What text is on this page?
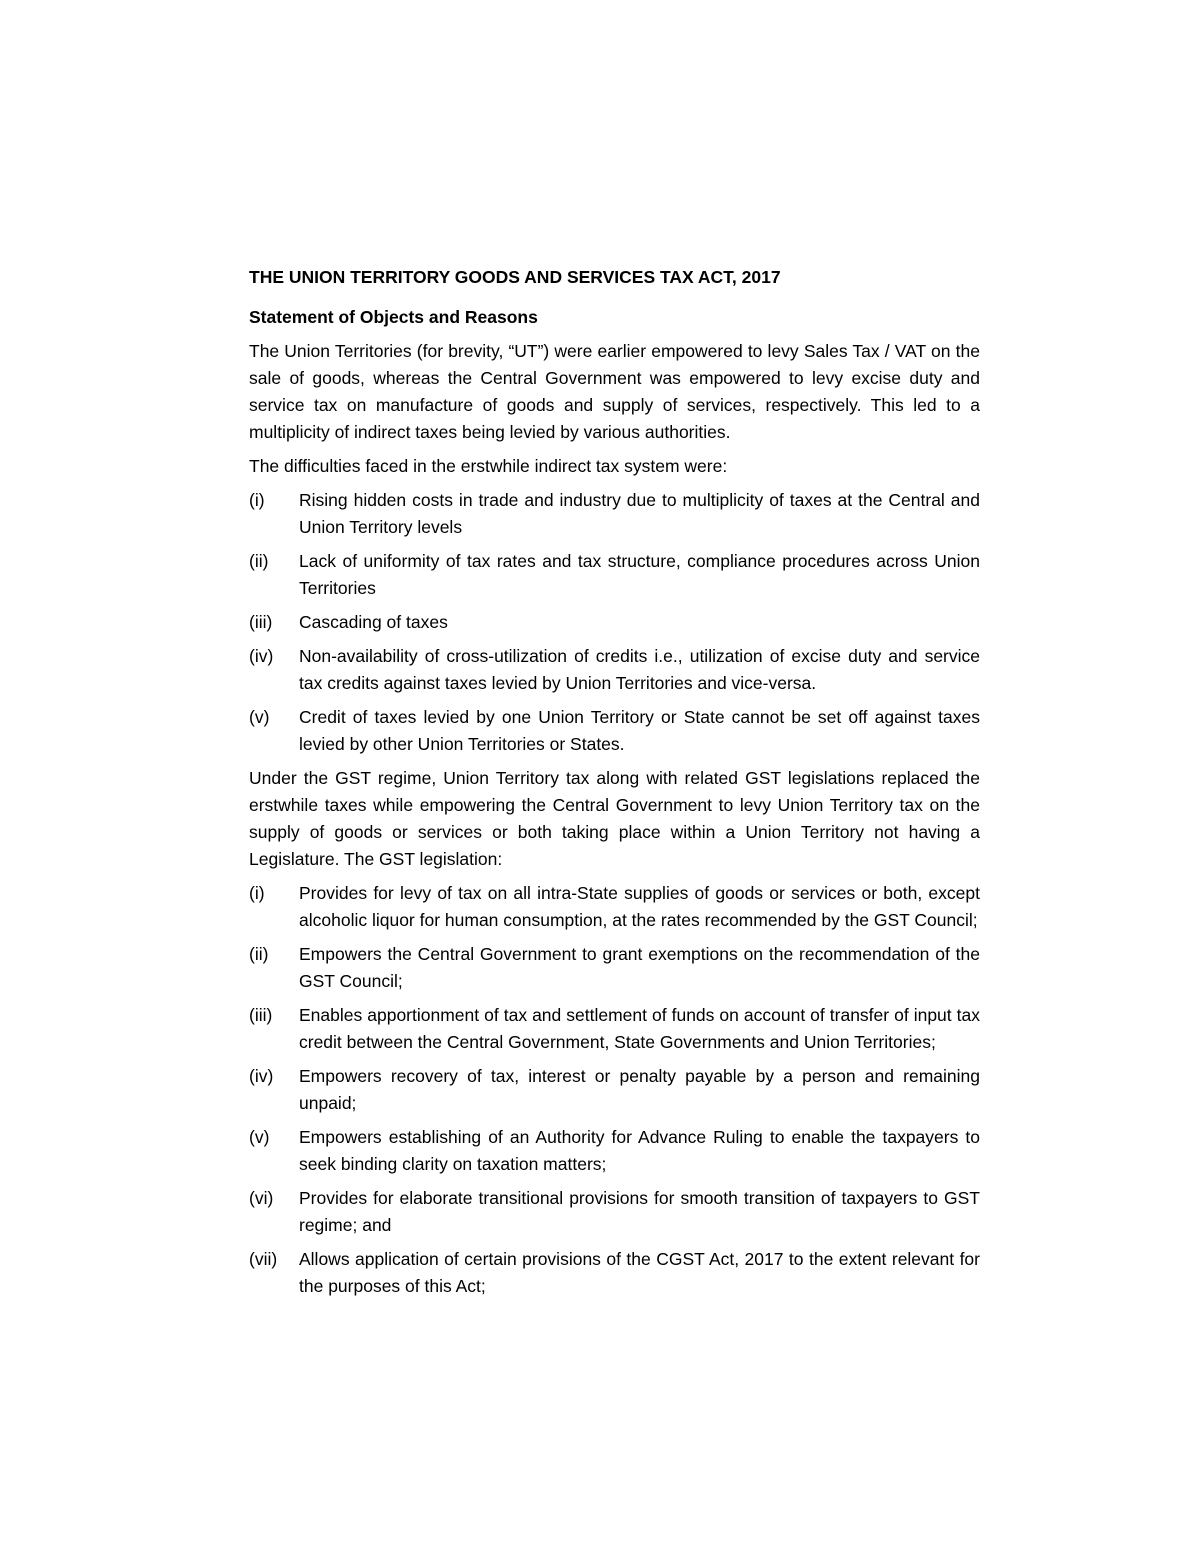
THE UNION TERRITORY GOODS AND SERVICES TAX ACT, 2017
Statement of Objects and Reasons

The Union Territories (for brevity, “UT”) were earlier empowered to levy Sales Tax / VAT on the sale of goods, whereas the Central Government was empowered to levy excise duty and service tax on manufacture of goods and supply of services, respectively. This led to a multiplicity of indirect taxes being levied by various authorities.

The difficulties faced in the erstwhile indirect tax system were:

(i)	Rising hidden costs in trade and industry due to multiplicity of taxes at the Central and Union Territory levels
(ii)	Lack of uniformity of tax rates and tax structure, compliance procedures across Union Territories
(iii)	Cascading of taxes
(iv)	Non-availability of cross-utilization of credits i.e., utilization of excise duty and service tax credits against taxes levied by Union Territories and vice-versa.
(v)	Credit of taxes levied by one Union Territory or State cannot be set off against taxes levied by other Union Territories or States.

Under the GST regime, Union Territory tax along with related GST legislations replaced the erstwhile taxes while empowering the Central Government to levy Union Territory tax on the supply of goods or services or both taking place within a Union Territory not having a Legislature. The GST legislation:

(i)	Provides for levy of tax on all intra-State supplies of goods or services or both, except alcoholic liquor for human consumption, at the rates recommended by the GST Council;
(ii)	Empowers the Central Government to grant exemptions on the recommendation of the GST Council;
(iii)	Enables apportionment of tax and settlement of funds on account of transfer of input tax credit between the Central Government, State Governments and Union Territories;
(iv)	Empowers recovery of tax, interest or penalty payable by a person and remaining unpaid;
(v)	Empowers establishing of an Authority for Advance Ruling to enable the taxpayers to seek binding clarity on taxation matters;
(vi)	Provides for elaborate transitional provisions for smooth transition of taxpayers to GST regime; and
(vii)	Allows application of certain provisions of the CGST Act, 2017 to the extent relevant for the purposes of this Act;
